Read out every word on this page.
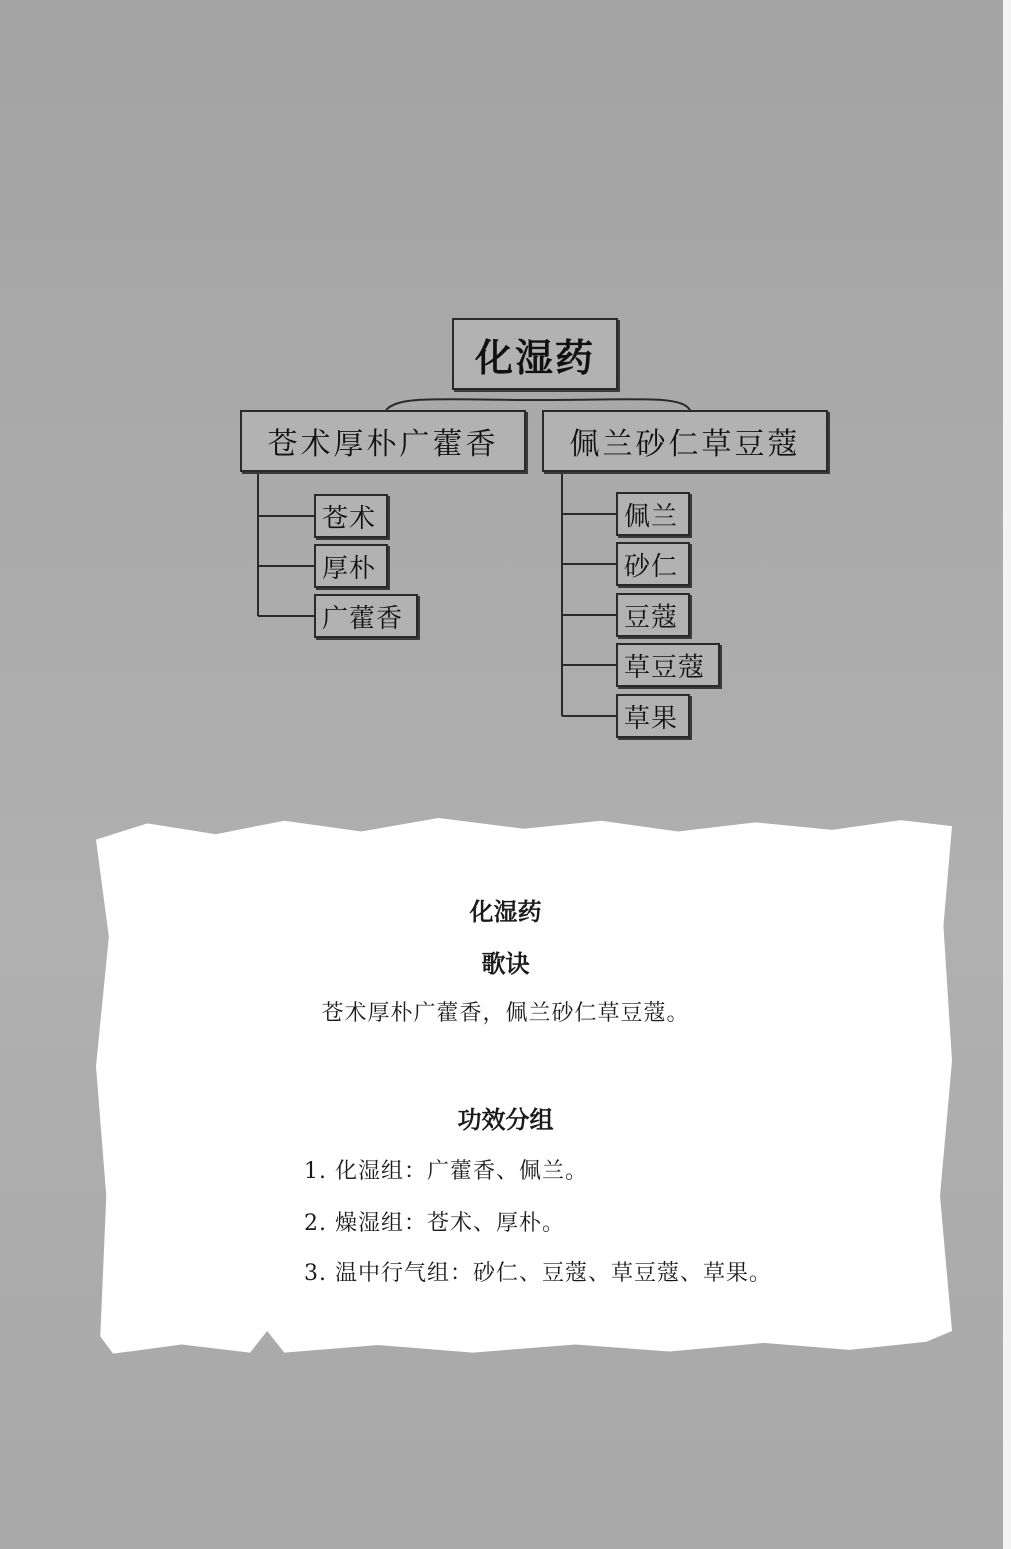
化湿药
苍术厚朴广藿香	佩兰砂仁草豆蔻
苍术
厚朴
广藿香
佩兰
砂仁
豆蔻
草豆蔻
草果
化湿药
歌诀
苍术厚朴广藿香，佩兰砂仁草豆蔻。
功效分组
1. 化湿组：广藿香、佩兰。
2. 燥湿组：苍术、厚朴。
3. 温中行气组：砂仁、豆蔻、草豆蔻、草果。
